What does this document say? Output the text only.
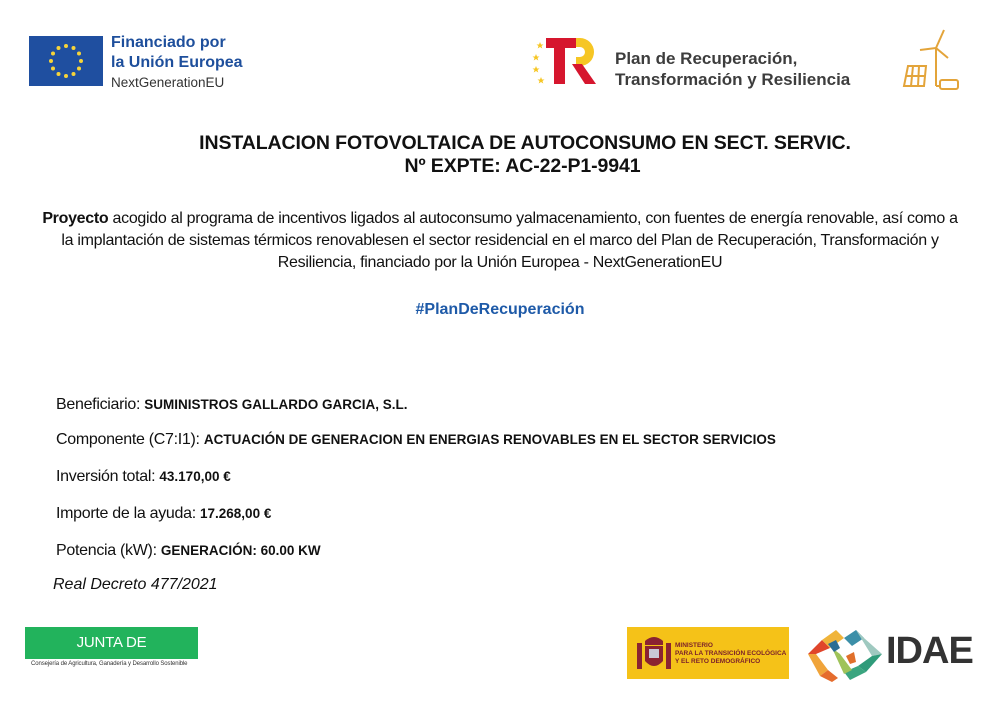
Financiado por
la Unión Europea
NextGenerationEU
Plan de Recuperación,
Transformación y Resiliencia
INSTALACION FOTOVOLTAICA DE AUTOCONSUMO EN SECT. SERVIC.
Nº EXPTE: AC-22-P1-9941
Proyecto acogido al programa de incentivos ligados al autoconsumo yalmacenamiento, con fuentes de energía renovable, así como a la implantación de sistemas térmicos renovablesen el sector residencial en el marco del Plan de Recuperación, Transformación y Resiliencia, financiado por la Unión Europea - NextGenerationEU
#PlanDeRecuperación
Beneficiario: SUMINISTROS GALLARDO GARCIA, S.L.
Componente (C7:I1): ACTUACIÓN DE GENERACION EN ENERGIAS RENOVABLES EN EL SECTOR SERVICIOS
Inversión total: 43.170,00 €
Importe de la ayuda: 17.268,00 €
Potencia (kW): GENERACIÓN: 60.00 KW
Real Decreto 477/2021
JUNTA DE EXTREMADURA
Consejería de Agricultura, Ganadería y Desarrollo Sostenible
MINISTERIO
PARA LA TRANSICIÓN ECOLÓGICA
Y EL RETO DEMOGRÁFICO	IDAE
